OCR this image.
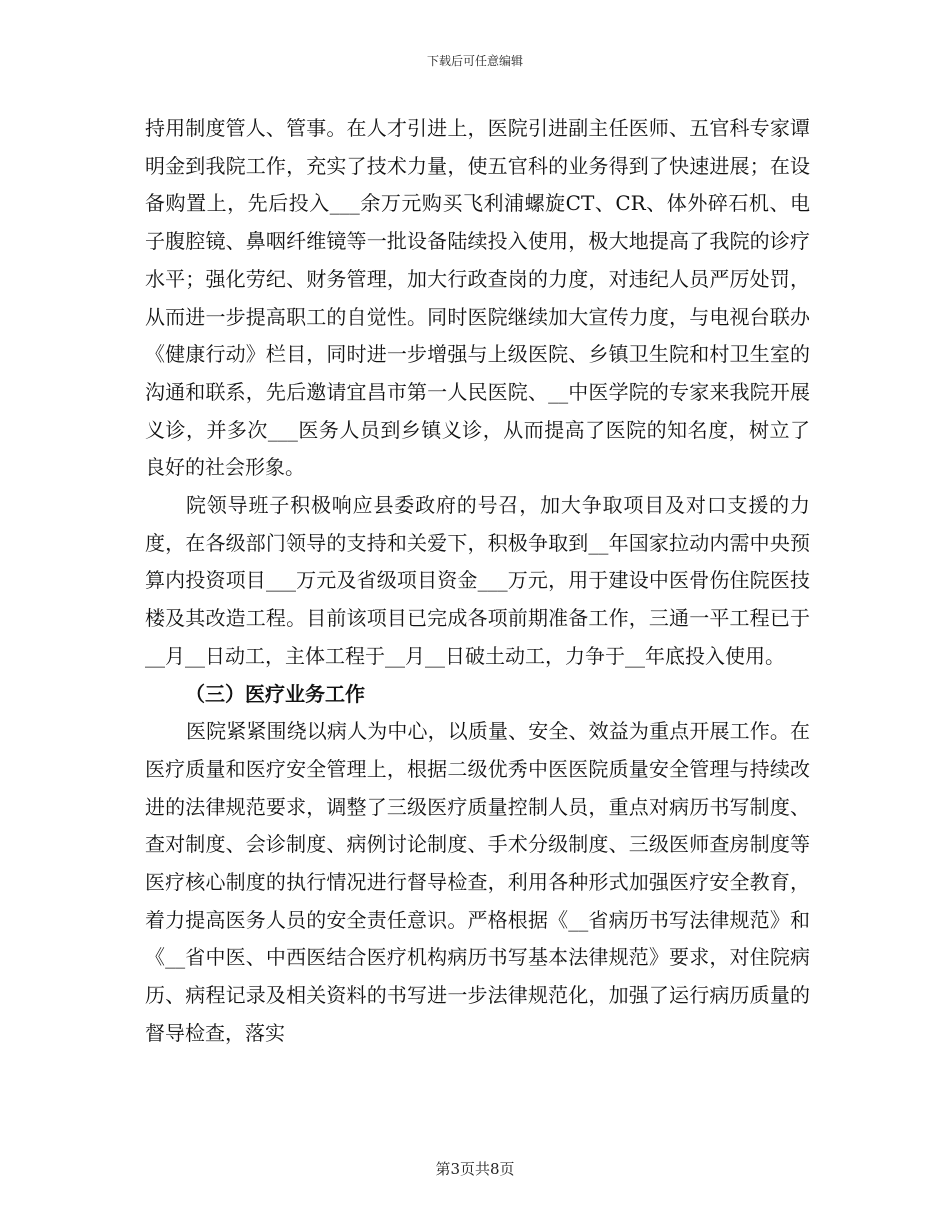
下载后可任意编辑

持用制度管人、管事。在人才引进上，医院引进副主任医师、五官科专家谭明金到我院工作，充实了技术力量，使五官科的业务得到了快速进展；在设备购置上，先后投入___余万元购买飞利浦螺旋CT、CR、体外碎石机、电子腹腔镜、鼻咽纤维镜等一批设备陆续投入使用，极大地提高了我院的诊疗水平；强化劳纪、财务管理，加大行政查岗的力度，对违纪人员严厉处罚，从而进一步提高职工的自觉性。同时医院继续加大宣传力度，与电视台联办《健康行动》栏目，同时进一步增强与上级医院、乡镇卫生院和村卫生室的沟通和联系，先后邀请宜昌市第一人民医院、__中医学院的专家来我院开展义诊，并多次___医务人员到乡镇义诊，从而提高了医院的知名度，树立了良好的社会形象。

院领导班子积极响应县委政府的号召，加大争取项目及对口支援的力度，在各级部门领导的支持和关爱下，积极争取到__年国家拉动内需中央预算内投资项目___万元及省级项目资金___万元，用于建设中医骨伤住院医技楼及其改造工程。目前该项目已完成各项前期准备工作，三通一平工程已于__月__日动工，主体工程于__月__日破土动工，力争于__年底投入使用。

（三）医疗业务工作

医院紧紧围绕以病人为中心，以质量、安全、效益为重点开展工作。在医疗质量和医疗安全管理上，根据二级优秀中医医院质量安全管理与持续改进的法律规范要求，调整了三级医疗质量控制人员，重点对病历书写制度、查对制度、会诊制度、病例讨论制度、手术分级制度、三级医师查房制度等医疗核心制度的执行情况进行督导检查，利用各种形式加强医疗安全教育，着力提高医务人员的安全责任意识。严格根据《__省病历书写法律规范》和《__省中医、中西医结合医疗机构病历书写基本法律规范》要求，对住院病历、病程记录及相关资料的书写进一步法律规范化，加强了运行病历质量的督导检查，落实

第3页共8页
